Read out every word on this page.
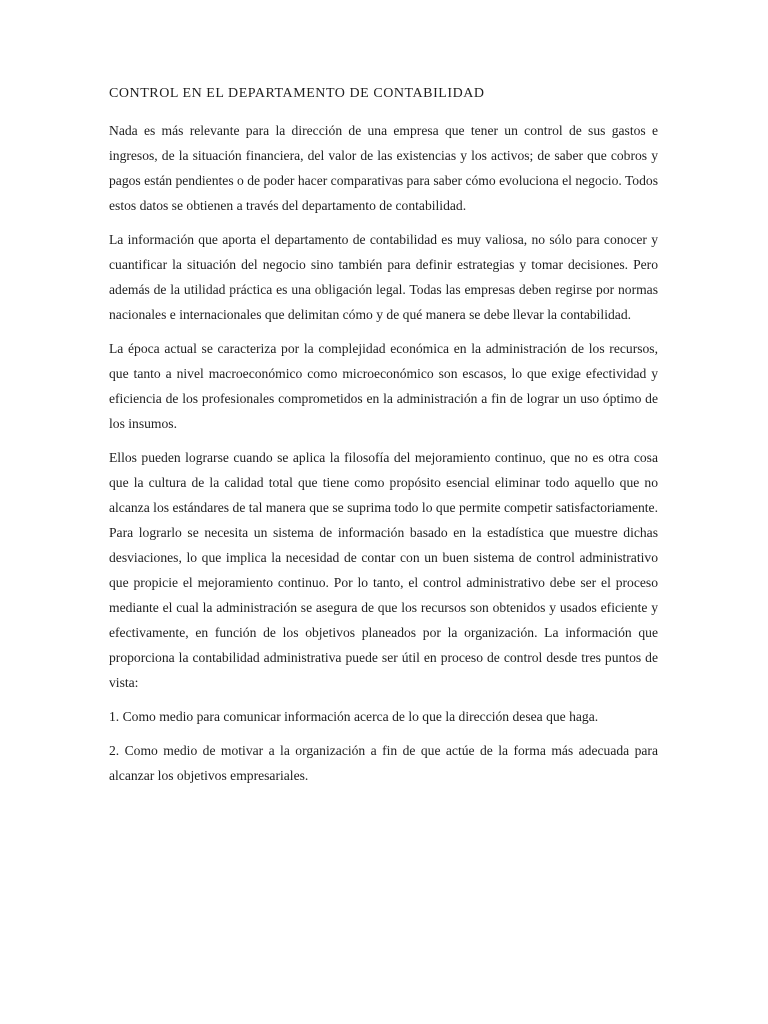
CONTROL EN EL DEPARTAMENTO DE CONTABILIDAD

Nada es más relevante para la dirección de una empresa que tener un control de sus gastos e ingresos, de la situación financiera, del valor de las existencias y los activos; de saber que cobros y pagos están pendientes o de poder hacer comparativas para saber cómo evoluciona el negocio. Todos estos datos se obtienen a través del departamento de contabilidad.

La información que aporta el departamento de contabilidad es muy valiosa, no sólo para conocer y cuantificar la situación del negocio sino también para definir estrategias y tomar decisiones. Pero además de la utilidad práctica es una obligación legal. Todas las empresas deben regirse por normas nacionales e internacionales que delimitan cómo y de qué manera se debe llevar la contabilidad.

La época actual se caracteriza por la complejidad económica en la administración de los recursos, que tanto a nivel macroeconómico como microeconómico son escasos, lo que exige efectividad y eficiencia de los profesionales comprometidos en la administración a fin de lograr un uso óptimo de los insumos.

Ellos pueden lograrse cuando se aplica la filosofía del mejoramiento continuo, que no es otra cosa que la cultura de la calidad total que tiene como propósito esencial eliminar todo aquello que no alcanza los estándares de tal manera que se suprima todo lo que permite competir satisfactoriamente. Para lograrlo se necesita un sistema de información basado en la estadística que muestre dichas desviaciones, lo que implica la necesidad de contar con un buen sistema de control administrativo que propicie el mejoramiento continuo. Por lo tanto, el control administrativo debe ser el proceso mediante el cual la administración se asegura de que los recursos son obtenidos y usados eficiente y efectivamente, en función de los objetivos planeados por la organización. La información que proporciona la contabilidad administrativa puede ser útil en proceso de control desde tres puntos de vista:

1. Como medio para comunicar información acerca de lo que la dirección desea que haga.

2. Como medio de motivar a la organización a fin de que actúe de la forma más adecuada para alcanzar los objetivos empresariales.
